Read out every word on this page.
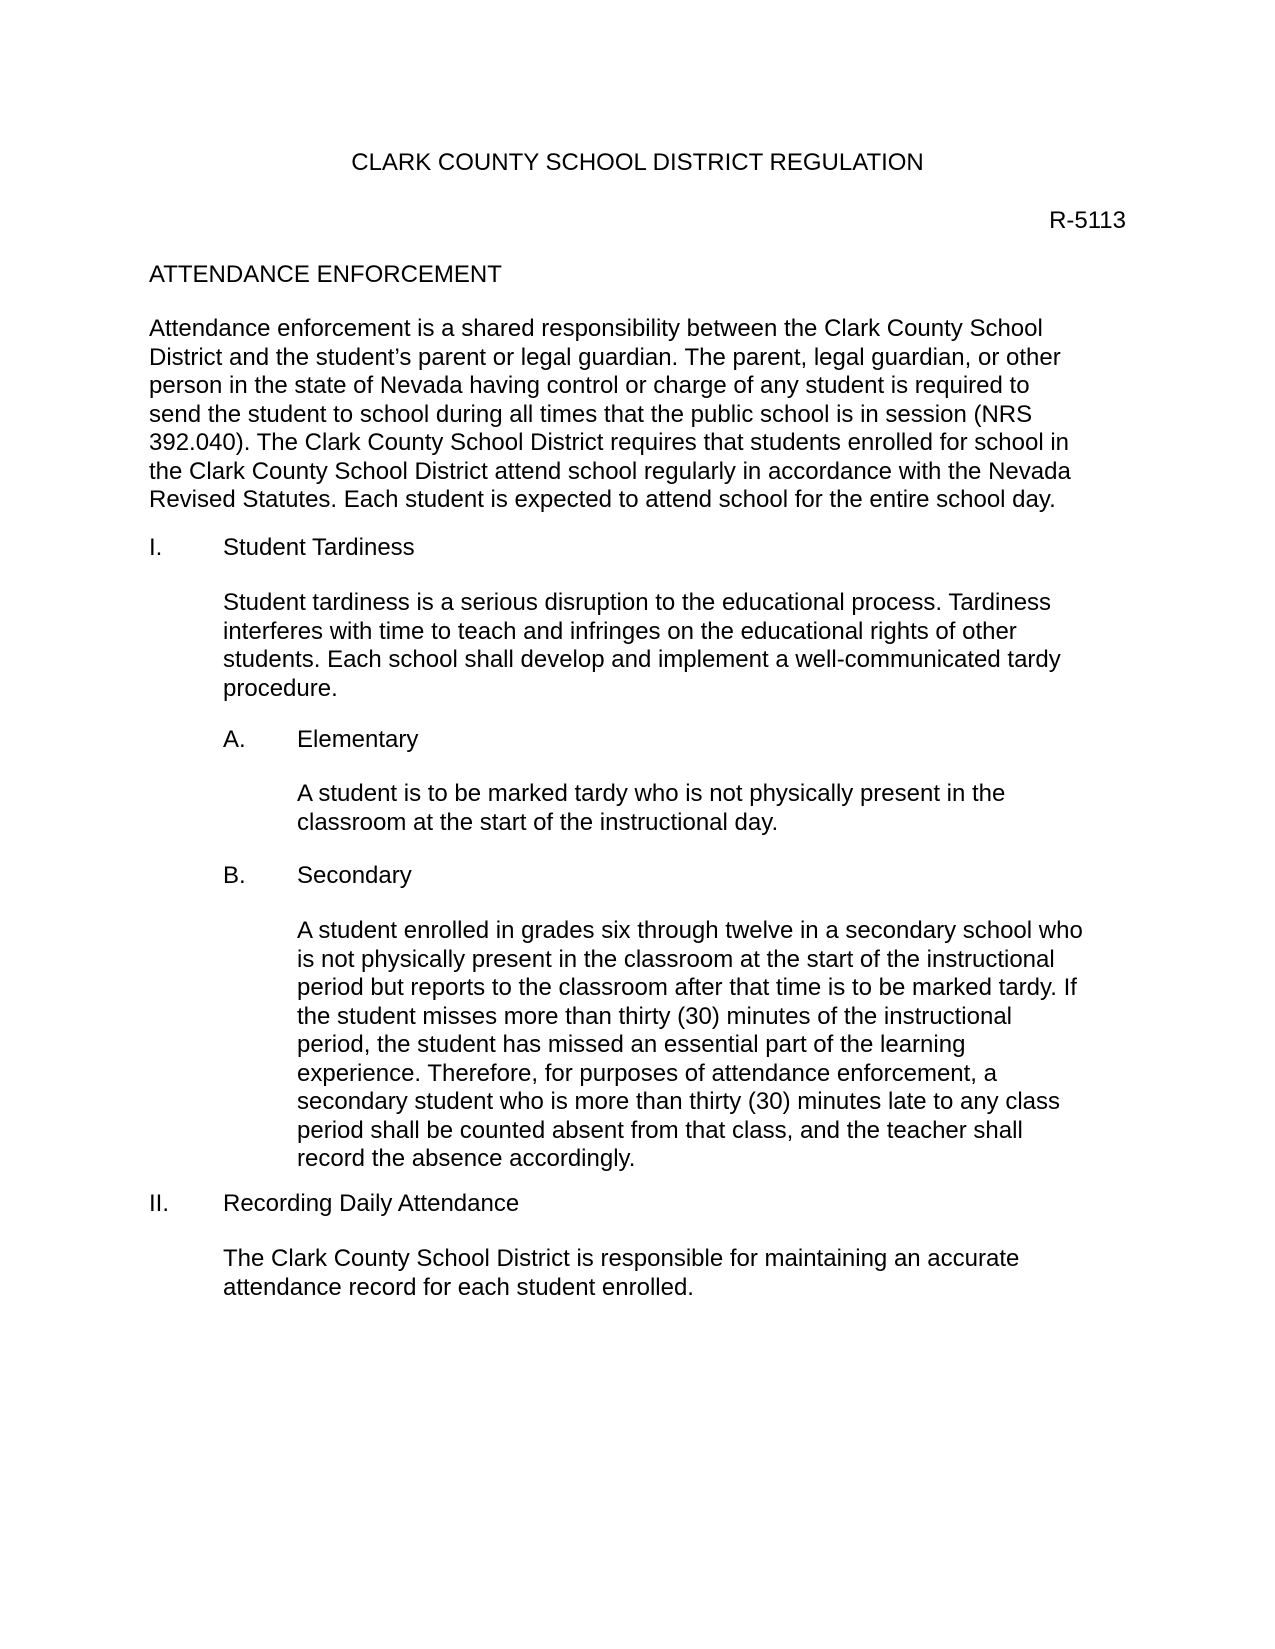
CLARK COUNTY SCHOOL DISTRICT REGULATION
R-5113
ATTENDANCE ENFORCEMENT
Attendance enforcement is a shared responsibility between the Clark County School
District and the student’s parent or legal guardian. The parent, legal guardian, or other
person in the state of Nevada having control or charge of any student is required to
send the student to school during all times that the public school is in session (NRS
392.040). The Clark County School District requires that students enrolled for school in
the Clark County School District attend school regularly in accordance with the Nevada
Revised Statutes. Each student is expected to attend school for the entire school day.
I.	Student Tardiness
Student tardiness is a serious disruption to the educational process. Tardiness
interferes with time to teach and infringes on the educational rights of other
students. Each school shall develop and implement a well-communicated tardy
procedure.
A. Elementary
A student is to be marked tardy who is not physically present in the
classroom at the start of the instructional day.
B. Secondary
A student enrolled in grades six through twelve in a secondary school who
is not physically present in the classroom at the start of the instructional
period but reports to the classroom after that time is to be marked tardy. If
the student misses more than thirty (30) minutes of the instructional
period, the student has missed an essential part of the learning
experience. Therefore, for purposes of attendance enforcement, a
secondary student who is more than thirty (30) minutes late to any class
period shall be counted absent from that class, and the teacher shall
record the absence accordingly.
II. Recording Daily Attendance
The Clark County School District is responsible for maintaining an accurate
attendance record for each student enrolled.
